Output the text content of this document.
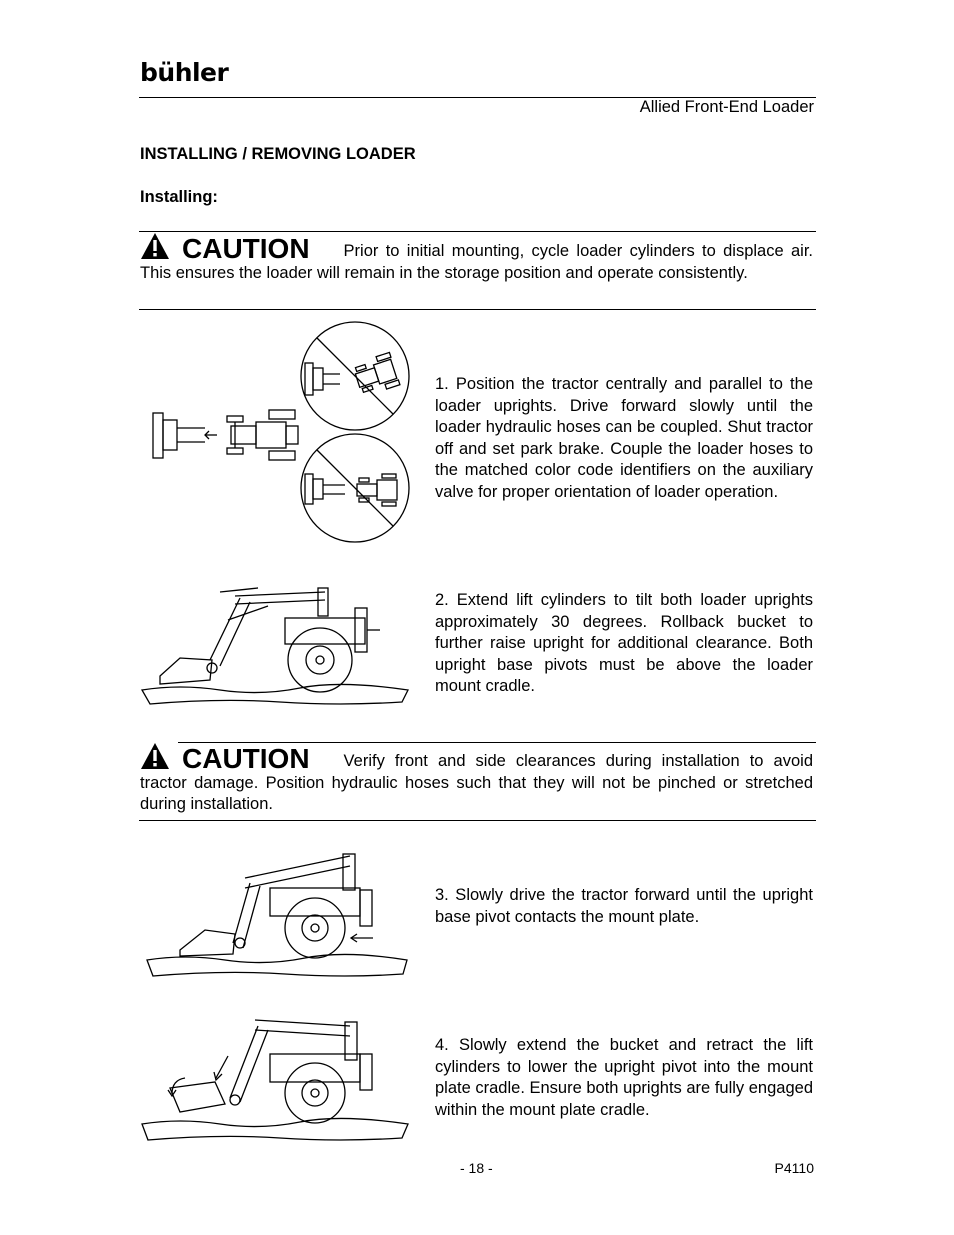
bühler
Allied Front-End Loader
INSTALLING / REMOVING LOADER
Installing:
CAUTION Prior to initial mounting, cycle loader cylinders to displace air. This ensures the loader will remain in the storage position and operate consistently.
1. Position the tractor centrally and parallel to the loader uprights. Drive forward slowly until the loader hydraulic hoses can be coupled. Shut tractor off and set park brake. Couple the loader hoses to the matched color code identifiers on the auxiliary valve for proper orientation of loader operation.
2. Extend lift cylinders to tilt both loader uprights approximately 30 degrees. Rollback bucket to further raise upright for additional clearance. Both upright base pivots must be above the loader mount cradle.
CAUTION Verify front and side clearances during installation to avoid tractor damage. Position hydraulic hoses such that they will not be pinched or stretched during installation.
3. Slowly drive the tractor forward until the upright base pivot contacts the mount plate.
4. Slowly extend the bucket and retract the lift cylinders to lower the upright pivot into the mount plate cradle. Ensure both uprights are fully engaged within the mount plate cradle.
- 18 -	P4110
